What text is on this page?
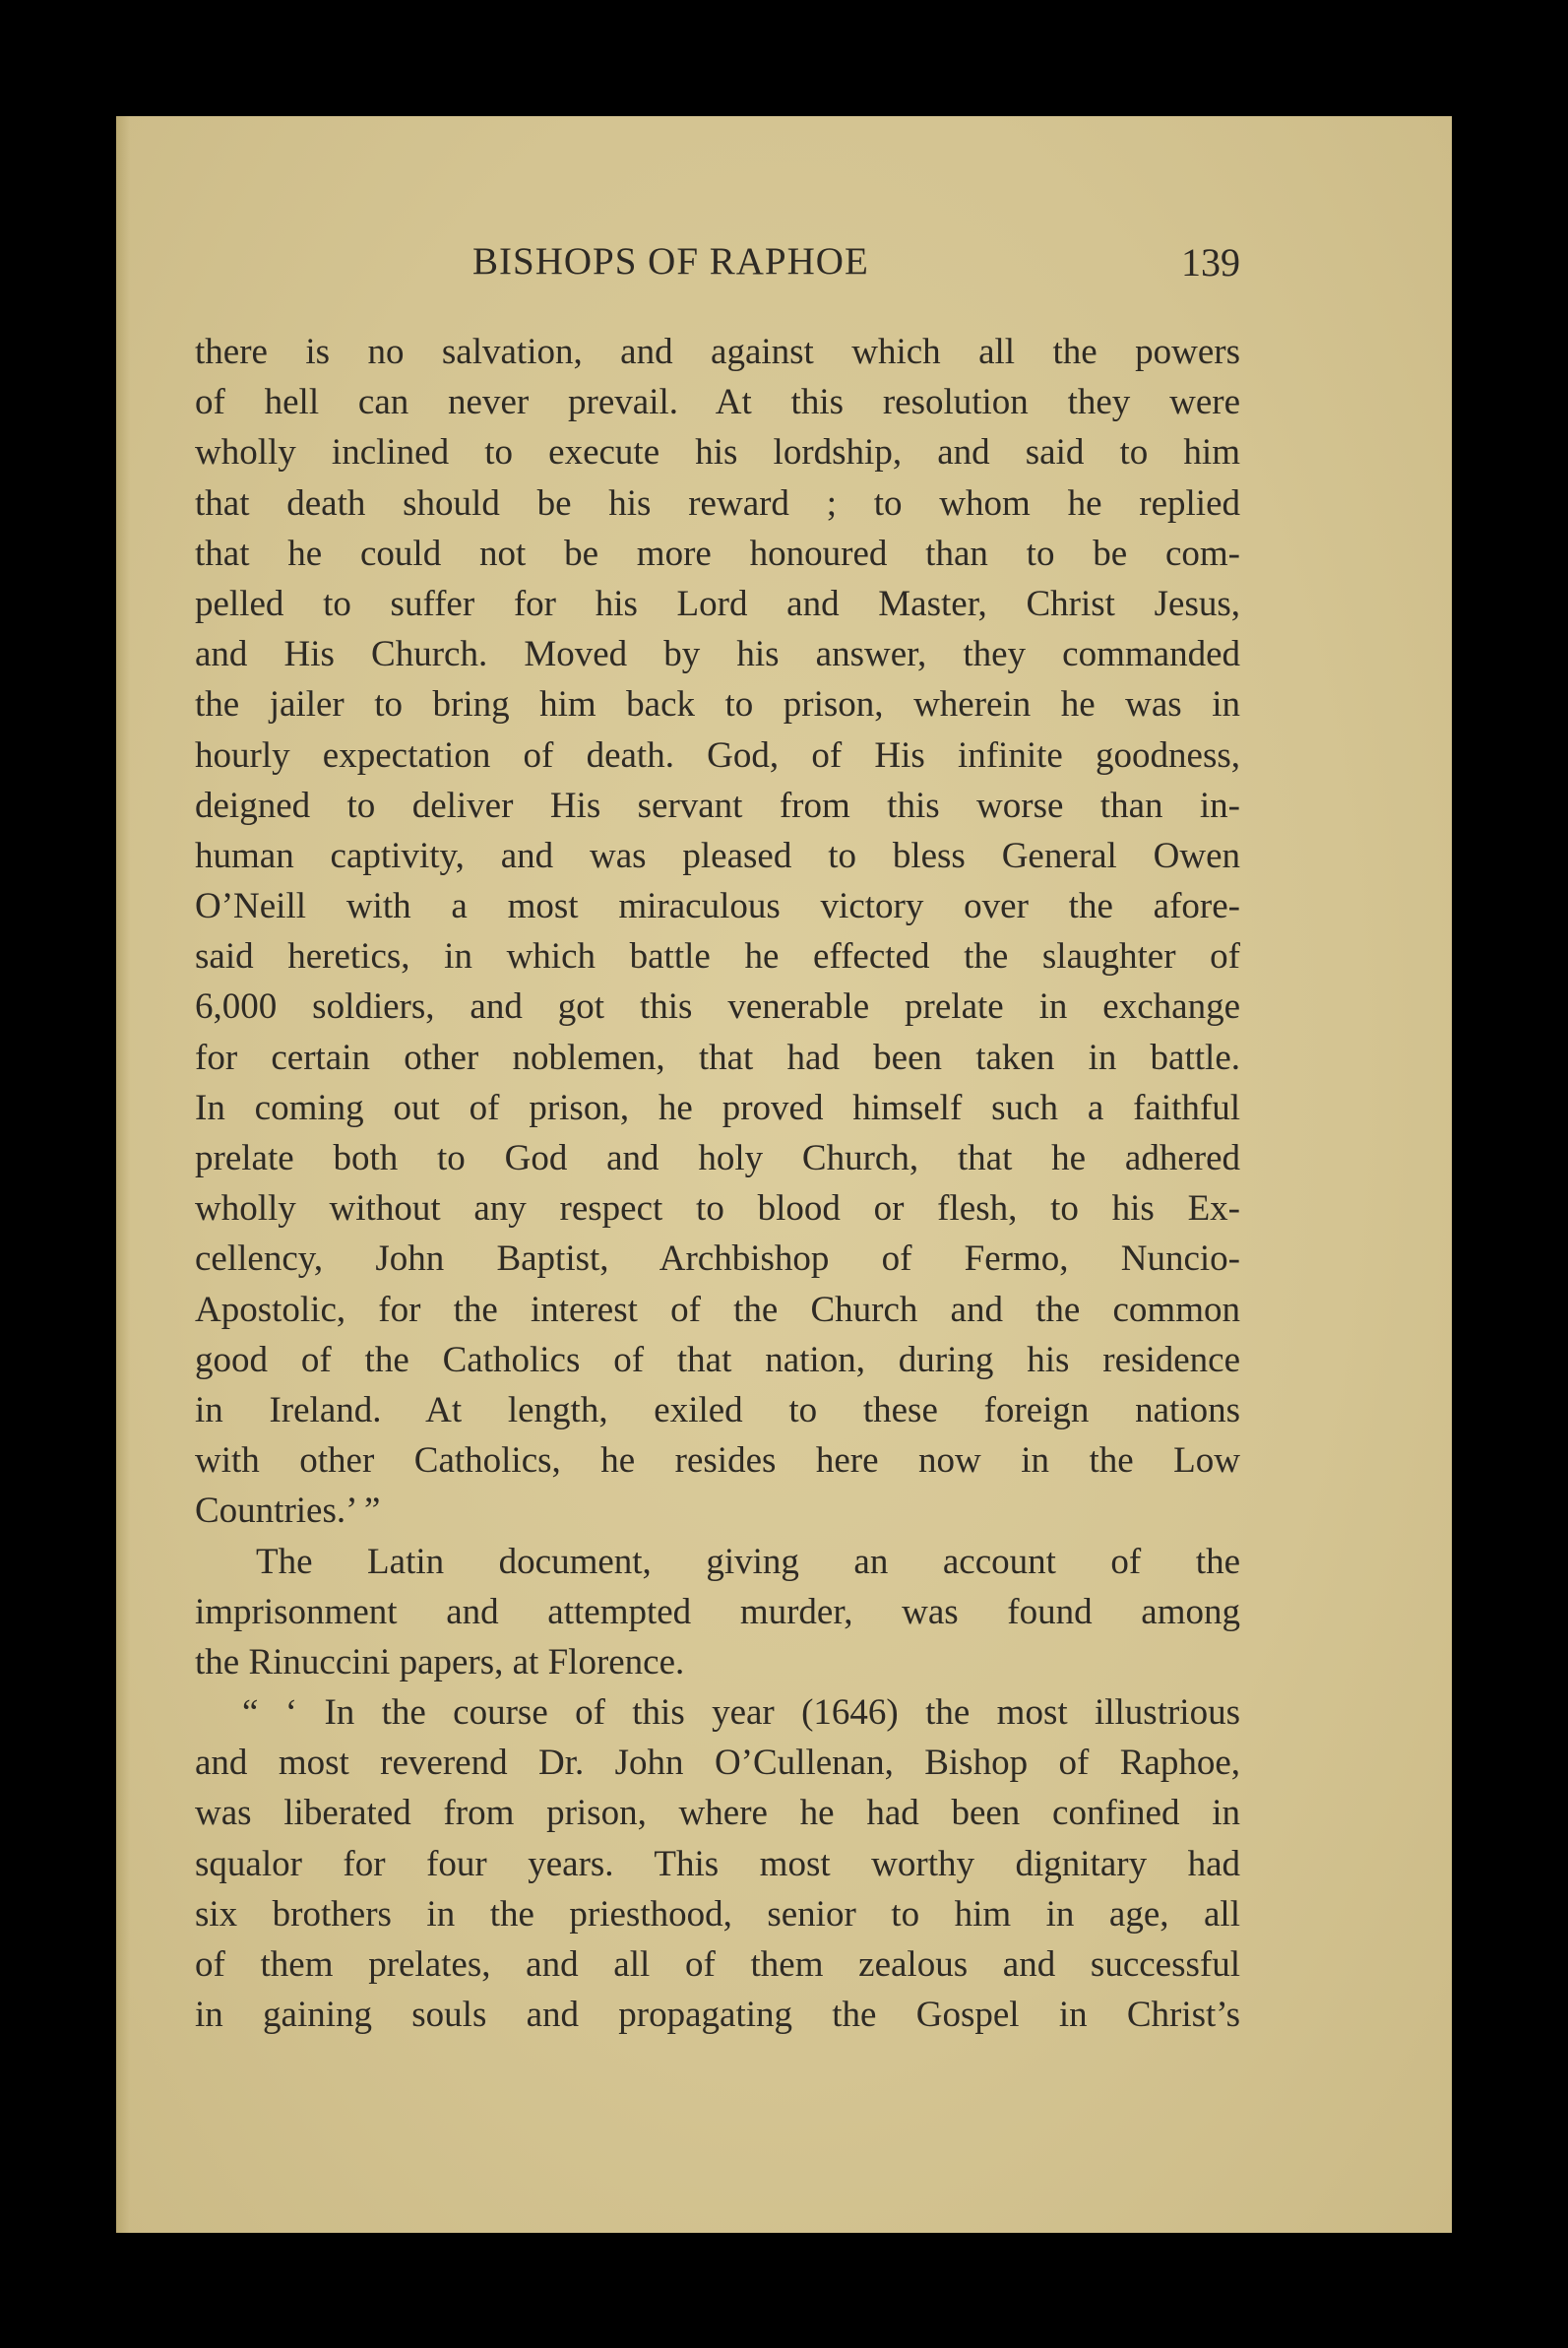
BISHOPS OF RAPHOE	139
there is no salvation, and against which all the powers
of hell can never prevail. At this resolution they were
wholly inclined to execute his lordship, and said to him
that death should be his reward ; to whom he replied
that he could not be more honoured than to be com-
pelled to suffer for his Lord and Master, Christ Jesus,
and His Church. Moved by his answer, they commanded
the jailer to bring him back to prison, wherein he was in
hourly expectation of death. God, of His infinite goodness,
deigned to deliver His servant from this worse than in-
human captivity, and was pleased to bless General Owen
O’Neill with a most miraculous victory over the afore-
said heretics, in which battle he effected the slaughter of
6,000 soldiers, and got this venerable prelate in exchange
for certain other noblemen, that had been taken in battle.
In coming out of prison, he proved himself such a faithful
prelate both to God and holy Church, that he adhered
wholly without any respect to blood or flesh, to his Ex-
cellency, John Baptist, Archbishop of Fermo, Nuncio-
Apostolic, for the interest of the Church and the common
good of the Catholics of that nation, during his residence
in Ireland. At length, exiled to these foreign nations
with other Catholics, he resides here now in the Low
Countries.’ ”
The Latin document, giving an account of the
imprisonment and attempted murder, was found among
the Rinuccini papers, at Florence.
“ ‘ In the course of this year (1646) the most illustrious
and most reverend Dr. John O’Cullenan, Bishop of Raphoe,
was liberated from prison, where he had been confined in
squalor for four years. This most worthy dignitary had
six brothers in the priesthood, senior to him in age, all
of them prelates, and all of them zealous and successful
in gaining souls and propagating the Gospel in Christ’s
